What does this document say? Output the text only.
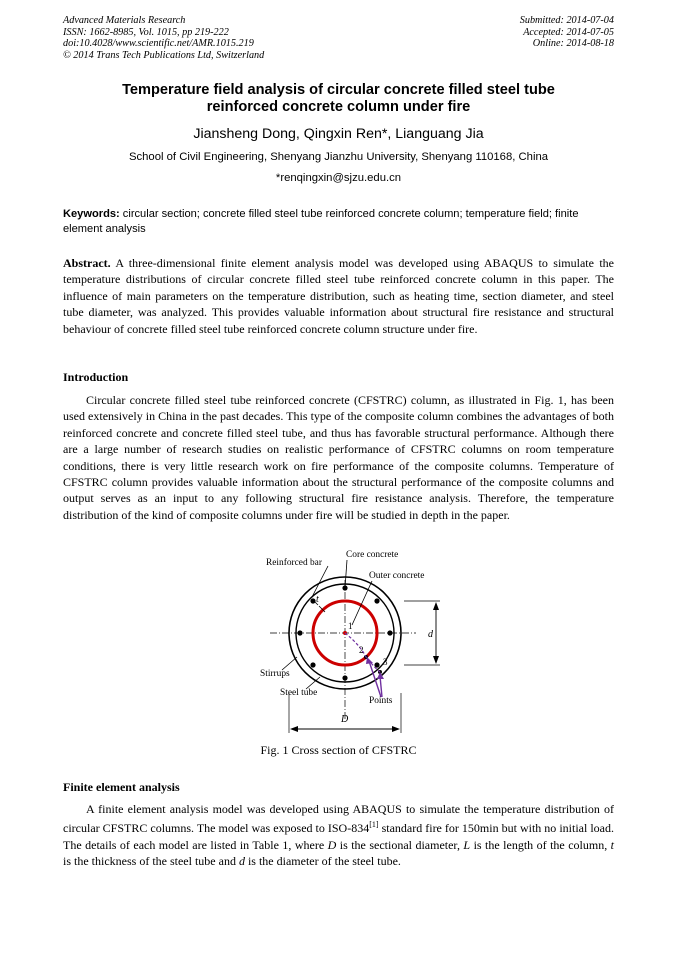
Advanced Materials Research
ISSN: 1662-8985, Vol. 1015, pp 219-222
doi:10.4028/www.scientific.net/AMR.1015.219
© 2014 Trans Tech Publications Ltd, Switzerland
Submitted: 2014-07-04
Accepted: 2014-07-05
Online: 2014-08-18
Temperature field analysis of circular concrete filled steel tube
reinforced concrete column under fire
Jiansheng Dong, Qingxin Ren*, Lianguang Jia
School of Civil Engineering, Shenyang Jianzhu University, Shenyang 110168, China
*renqingxin@sjzu.edu.cn
Keywords: circular section; concrete filled steel tube reinforced concrete column; temperature field; finite element analysis
Abstract. A three-dimensional finite element analysis model was developed using ABAQUS to simulate the temperature distributions of circular concrete filled steel tube reinforced concrete column in this paper. The influence of main parameters on the temperature distribution, such as heating time, section diameter, and steel tube diameter, was analyzed. This provides valuable information about structural fire resistance and structural behaviour of concrete filled steel tube reinforced concrete column structure under fire.
Introduction
Circular concrete filled steel tube reinforced concrete (CFSTRC) column, as illustrated in Fig. 1, has been used extensively in China in the past decades. This type of the composite column combines the advantages of both reinforced concrete and concrete filled steel tube, and thus has favorable structural performance. Although there are a large number of research studies on realistic performance of CFSTRC columns on room temperature conditions, there is very little research work on fire performance of the composite columns. Temperature of CFSTRC column provides valuable information about the structural performance of the composite columns and output serves as an input to any following structural fire resistance analysis. Therefore, the temperature distribution of the kind of composite columns under fire will be studied in depth in the paper.
Core concrete
Reinforced bar
Outer concrete
Stirrups
Steel tube
Points
t
1
2
3
d
D
Fig. 1 Cross section of CFSTRC
Finite element analysis
A finite element analysis model was developed using ABAQUS to simulate the temperature distribution of circular CFSTRC columns. The model was exposed to ISO-834[1] standard fire for 150min but with no initial load. The details of each model are listed in Table 1, where D is the sectional diameter, L is the length of the column, t is the thickness of the steel tube and d is the diameter of the steel tube.
